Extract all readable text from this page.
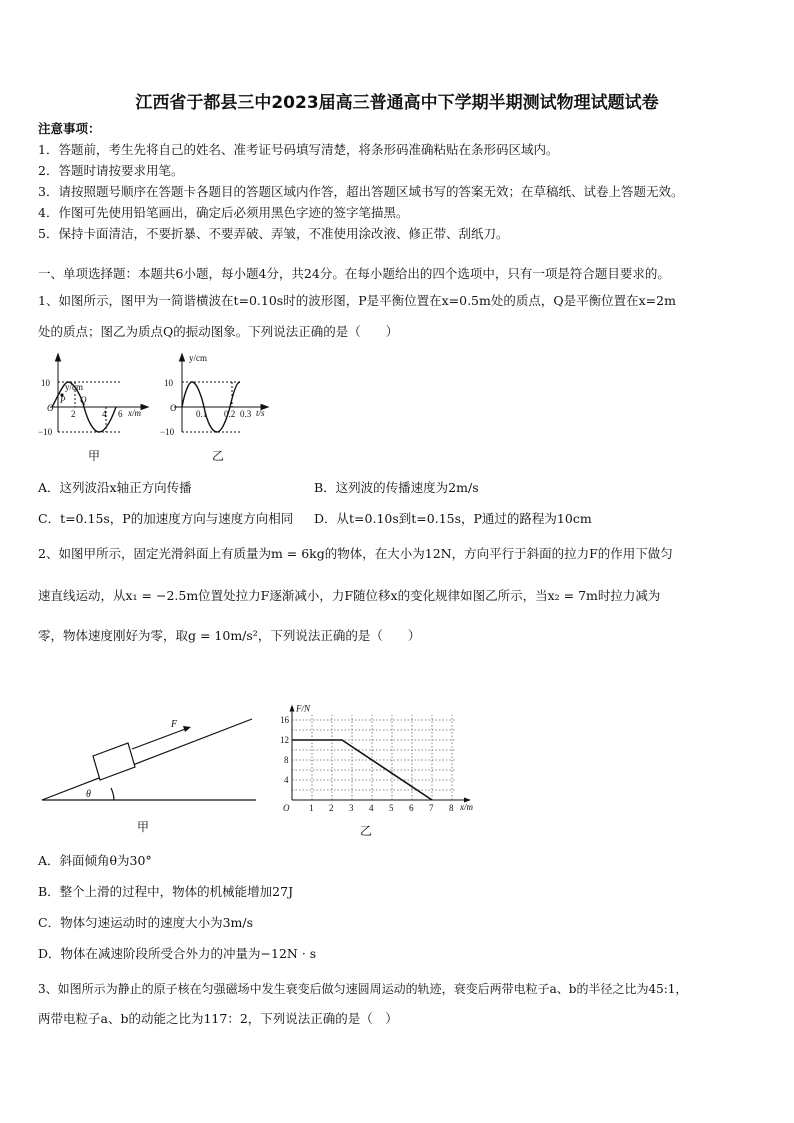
江西省于都县三中2023届高三普通高中下学期半期测试物理试题试卷
注意事项：
1．答题前，考生先将自己的姓名、准考证号码填写清楚，将条形码准确粘贴在条形码区域内。
2．答题时请按要求用笔。
3．请按照题号顺序在答题卡各题目的答题区域内作答，超出答题区域书写的答案无效；在草稿纸、试卷上答题无效。
4．作图可先使用铅笔画出，确定后必须用黑色字迹的签字笔描黑。
5．保持卡面清洁，不要折暴、不要弄破、弄皱，不准使用涂改液、修正带、刮纸刀。
一、单项选择题：本题共6小题，每小题4分，共24分。在每小题给出的四个选项中，只有一项是符合题目要求的。
1、如图所示，图甲为一简谐横波在t=0.10s时的波形图，P是平衡位置在x=0.5m处的质点，Q是平衡位置在x=2m
处的质点；图乙为质点Q的振动图象。下列说法正确的是（　　）
y/cm
10
O
−10
2	4 6 x/m
P Q
甲
y/cm
10
O
−10
0.1 0.2 0.3 t/s
乙
A．这列波沿x轴正方向传播	B．这列波的传播速度为2m/s
C．t=0.15s，P的加速度方向与速度方向相同 D．从t=0.10s到t=0.15s，P通过的路程为10cm
2、如图甲所示，固定光滑斜面上有质量为m = 6kg的物体，在大小为12N，方向平行于斜面的拉力F的作用下做匀
速直线运动，从x₁ = −2.5m位置处拉力F逐渐减小，力F随位移x的变化规律如图乙所示，当x₂ = 7m时拉力减为
零，物体速度刚好为零，取g = 10m/s²，下列说法正确的是（　　）
F
θ
甲
1 2 3 4 5 6 7 8
4
8
12
16
O	x/m
F/N
乙
A．斜面倾角θ为30°
B．整个上滑的过程中，物体的机械能增加27J
C．物体匀速运动时的速度大小为3m/s
D．物体在减速阶段所受合外力的冲量为−12N · s
3、如图所示为静止的原子核在匀强磁场中发生衰变后做匀速圆周运动的轨迹，衰变后两带电粒子a、b的半径之比为45:1，
两带电粒子a、b的动能之比为117：2，下列说法正确的是（　）
